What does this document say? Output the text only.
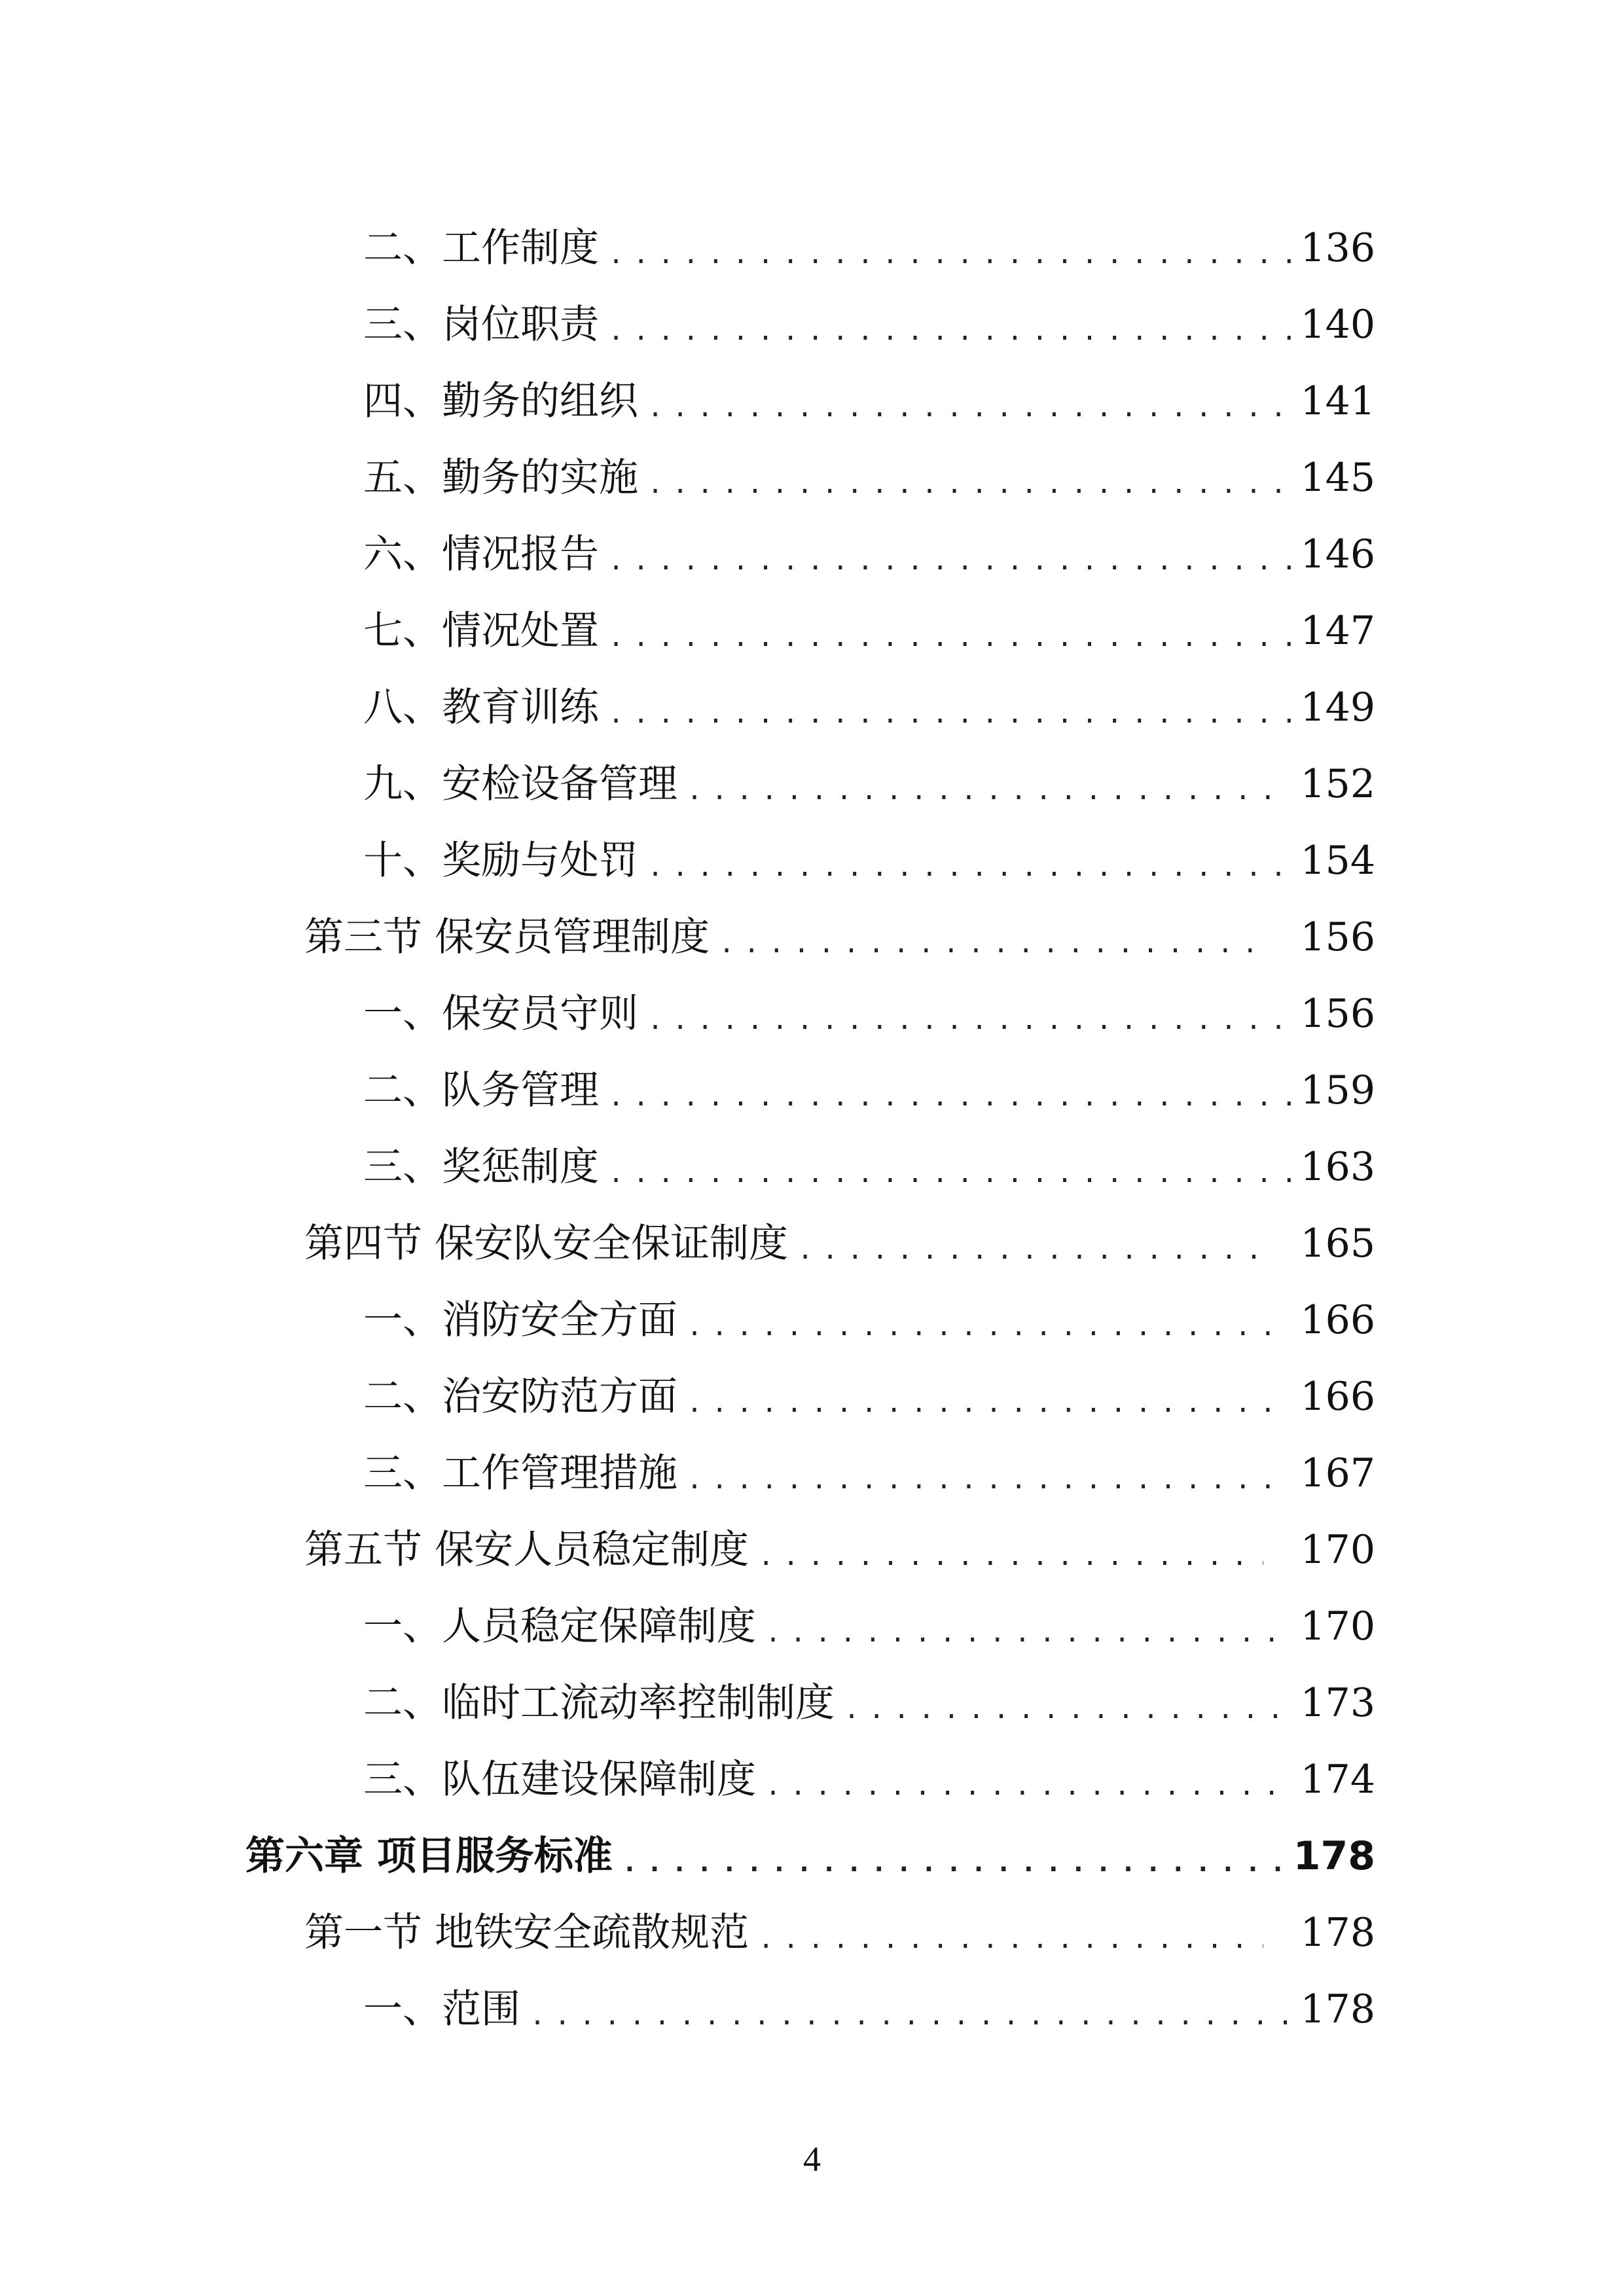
二、工作制度 .....	136
三、岗位职责 .....	140
四、勤务的组织 .....	141
五、勤务的实施 .....	145
六、情况报告 .....	146
七、情况处置 .....	147
八、教育训练 .....	149
九、安检设备管理 .....	152
十、奖励与处罚 .....	154
第三节 保安员管理制度 .....	156
一、保安员守则 .....	156
二、队务管理 .....	159
三、奖惩制度 .....	163
第四节 保安队安全保证制度 .....	165
一、消防安全方面 .....	166
二、治安防范方面 .....	166
三、工作管理措施 .....	167
第五节 保安人员稳定制度 .....	170
一、人员稳定保障制度 .....	170
二、临时工流动率控制制度 .....	173
三、队伍建设保障制度 .....	174
第六章 项目服务标准 .....	178
第一节 地铁安全疏散规范 .....	178
一、范围 .....	178
4
